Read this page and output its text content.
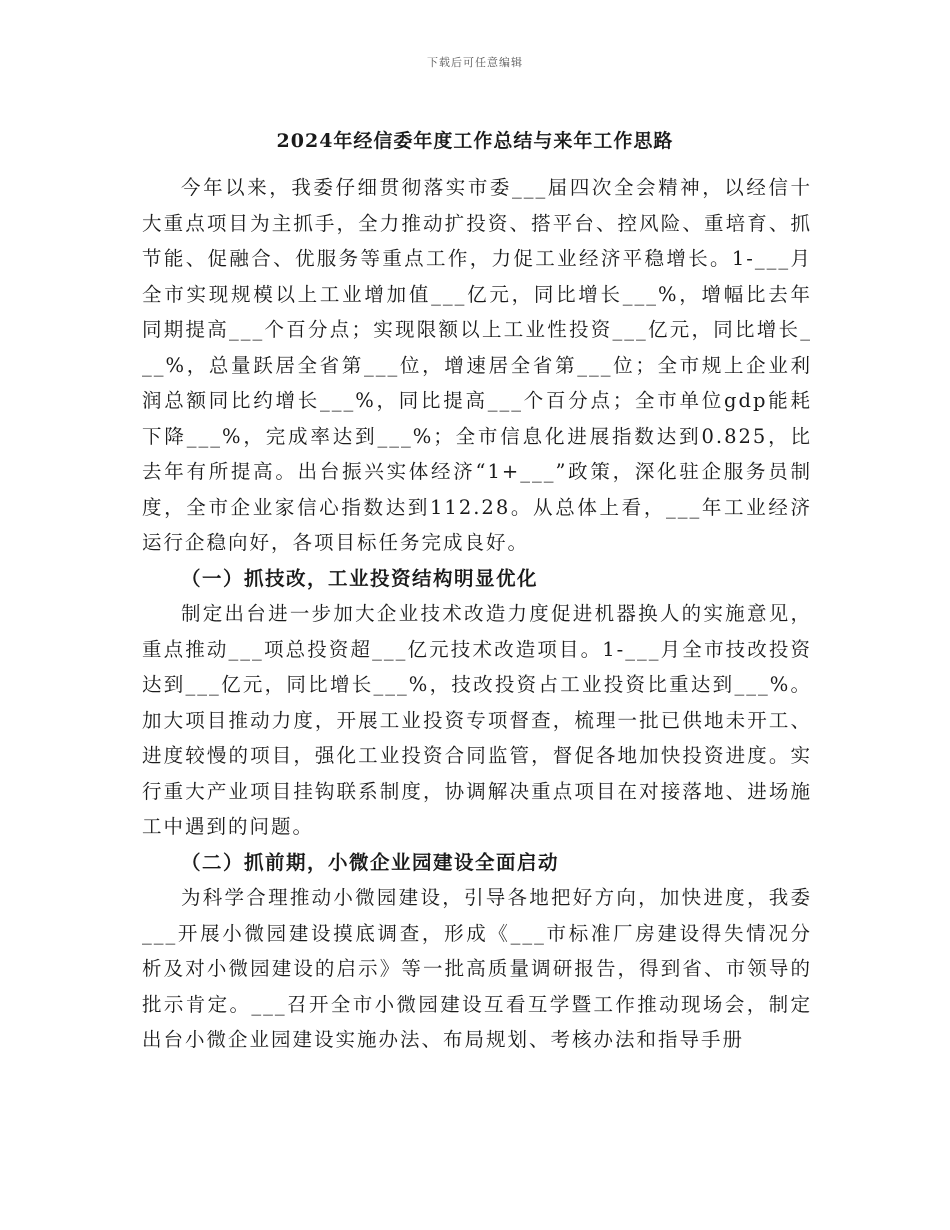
下载后可任意编辑
2024年经信委年度工作总结与来年工作思路

今年以来，我委仔细贯彻落实市委___届四次全会精神，以经信十大重点项目为主抓手，全力推动扩投资、搭平台、控风险、重培育、抓节能、促融合、优服务等重点工作，力促工业经济平稳增长。1-___月全市实现规模以上工业增加值___亿元，同比增长___%，增幅比去年同期提高___个百分点；实现限额以上工业性投资___亿元，同比增长___%，总量跃居全省第___位，增速居全省第___位；全市规上企业利润总额同比约增长___%，同比提高___个百分点；全市单位gdp能耗下降___%，完成率达到___%；全市信息化进展指数达到0.825，比去年有所提高。出台振兴实体经济“1+___”政策，深化驻企服务员制度，全市企业家信心指数达到112.28。从总体上看，___年工业经济运行企稳向好，各项目标任务完成良好。

（一）抓技改，工业投资结构明显优化

制定出台进一步加大企业技术改造力度促进机器换人的实施意见，重点推动___项总投资超___亿元技术改造项目。1-___月全市技改投资达到___亿元，同比增长___%，技改投资占工业投资比重达到___%。加大项目推动力度，开展工业投资专项督查，梳理一批已供地未开工、进度较慢的项目，强化工业投资合同监管，督促各地加快投资进度。实行重大产业项目挂钩联系制度，协调解决重点项目在对接落地、进场施工中遇到的问题。

（二）抓前期，小微企业园建设全面启动

为科学合理推动小微园建设，引导各地把好方向，加快进度，我委___开展小微园建设摸底调查，形成《___市标准厂房建设得失情况分析及对小微园建设的启示》等一批高质量调研报告，得到省、市领导的批示肯定。___召开全市小微园建设互看互学暨工作推动现场会，制定出台小微企业园建设实施办法、布局规划、考核办法和指导手册
